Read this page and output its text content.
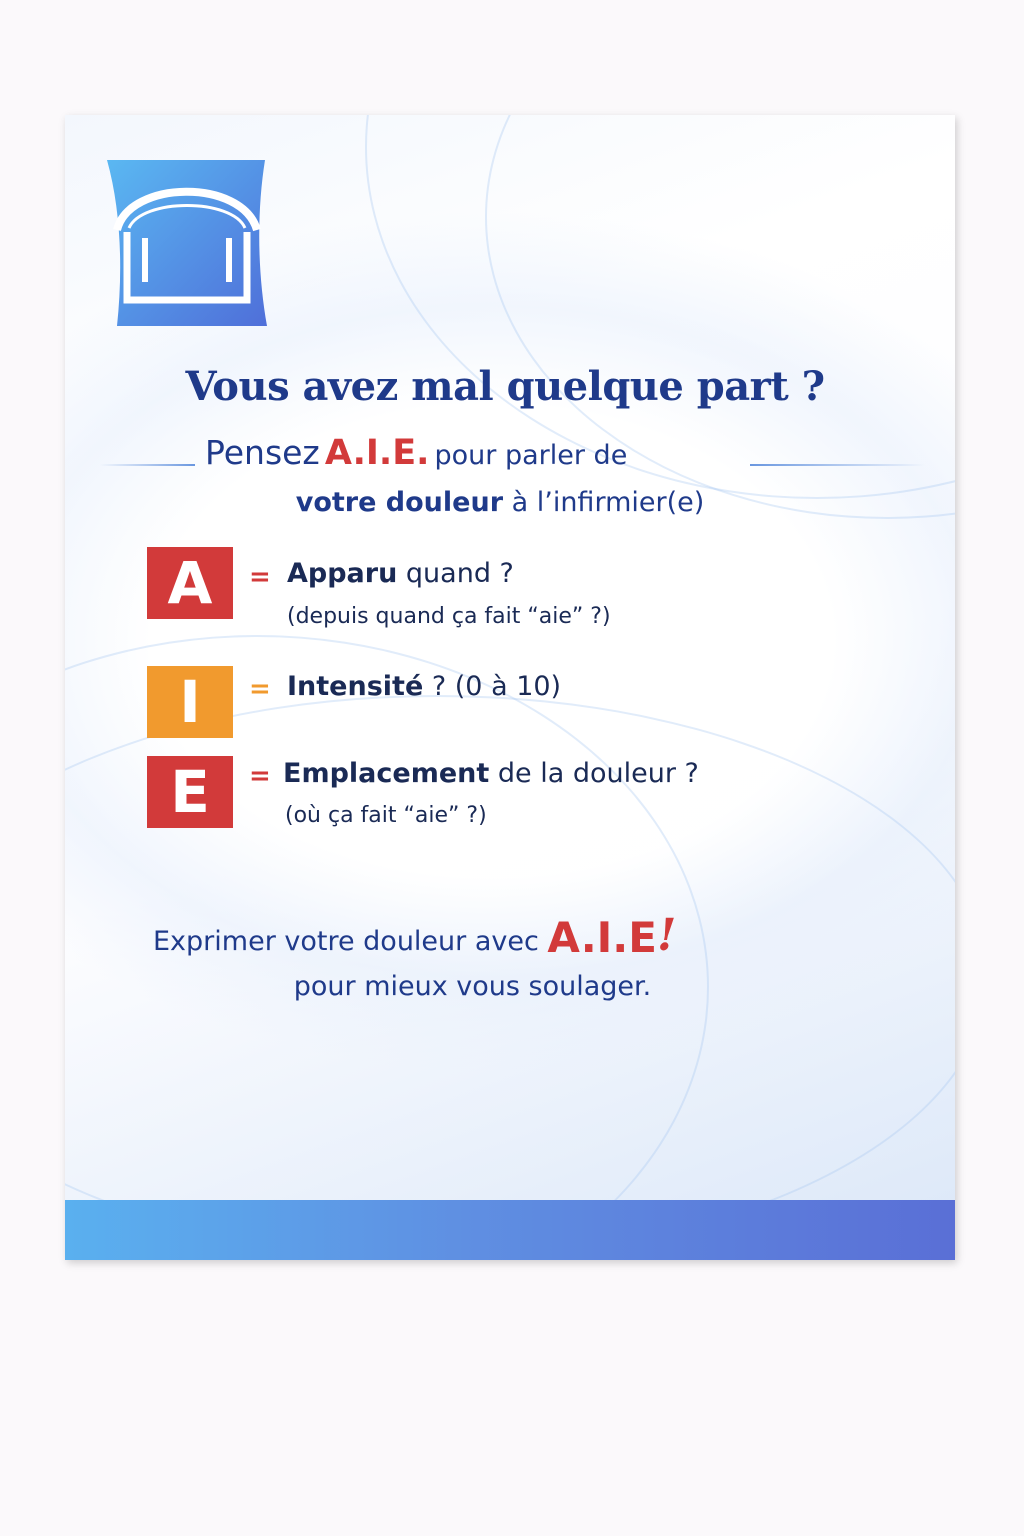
Vous avez mal quelque part ?
Pensez A.I.E. pour parler de
votre douleur à l’infirmier(e)
A	= Apparu quand ?
(depuis quand ça fait “aie” ?)
I	= Intensité ? (0 à 10)
E	= Emplacement de la douleur ?
(où ça fait “aie” ?)
Exprimer votre douleur avec A.I.E!
pour mieux vous soulager.
